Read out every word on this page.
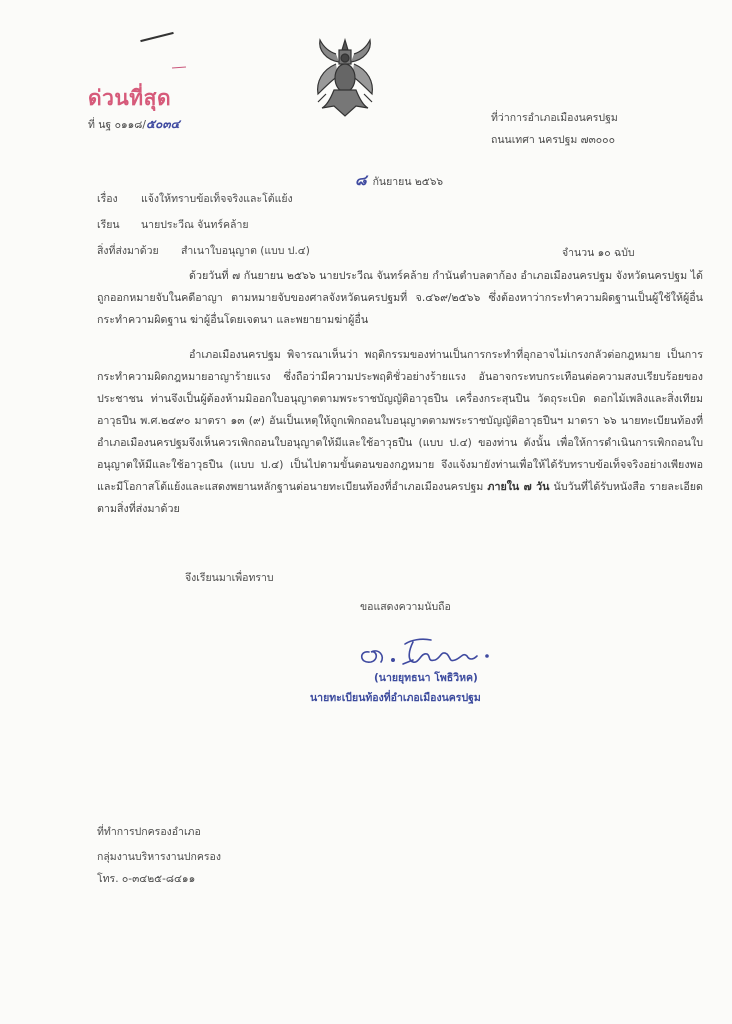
ด่วนที่สุด
ที่ นฐ ๐๑๑๘/๕๐๓๔	ที่ว่าการอำเภอเมืองนครปฐม
ถนนเทศา นครปฐม ๗๓๐๐๐
๘ กันยายน ๒๕๖๖
เรื่อง แจ้งให้ทราบข้อเท็จจริงและโต้แย้ง
เรียน นายประวีณ จันทร์คล้าย
สิ่งที่ส่งมาด้วย สำเนาใบอนุญาต (แบบ ป.๔)	จำนวน ๑๐ ฉบับ
ด้วยวันที่ ๗ กันยายน ๒๕๖๖ นายประวีณ จันทร์คล้าย กำนันตำบลตาก้อง อำเภอเมืองนครปฐม จังหวัดนครปฐม ได้ถูกออกหมายจับในคดีอาญา ตามหมายจับของศาลจังหวัดนครปฐมที่ จ.๔๖๙/๒๕๖๖ ซึ่งต้องหาว่ากระทำความผิดฐานเป็นผู้ใช้ให้ผู้อื่นกระทำความผิดฐาน ฆ่าผู้อื่นโดยเจตนา และพยายามฆ่าผู้อื่น
อำเภอเมืองนครปฐม พิจารณาเห็นว่า พฤติกรรมของท่านเป็นการกระทำที่อุกอาจไม่เกรงกลัวต่อกฎหมาย เป็นการกระทำความผิดกฎหมายอาญาร้ายแรง ซึ่งถือว่ามีความประพฤติชั่วอย่างร้ายแรง อันอาจกระทบกระเทือนต่อความสงบเรียบร้อยของประชาชน ท่านจึงเป็นผู้ต้องห้ามมิออกใบอนุญาตตามพระราชบัญญัติอาวุธปืน เครื่องกระสุนปืน วัตถุระเบิด ดอกไม้เพลิงและสิ่งเทียมอาวุธปืน พ.ศ.๒๔๙๐ มาตรา ๑๓ (๙) อันเป็นเหตุให้ถูกเพิกถอนใบอนุญาตตามพระราชบัญญัติอาวุธปืนฯ มาตรา ๖๖ นายทะเบียนท้องที่อำเภอเมืองนครปฐมจึงเห็นควรเพิกถอนใบอนุญาตให้มีและใช้อาวุธปืน (แบบ ป.๔) ของท่าน ดังนั้น เพื่อให้การดำเนินการเพิกถอนใบอนุญาตให้มีและใช้อาวุธปืน (แบบ ป.๔) เป็นไปตามขั้นตอนของกฎหมาย จึงแจ้งมายังท่านเพื่อให้ได้รับทราบข้อเท็จจริงอย่างเพียงพอ และมีโอกาสโต้แย้งและแสดงพยานหลักฐานต่อนายทะเบียนท้องที่อำเภอเมืองนครปฐม ภายใน ๗ วัน นับวันที่ได้รับหนังสือ รายละเอียดตามสิ่งที่ส่งมาด้วย
จึงเรียนมาเพื่อทราบ
ขอแสดงความนับถือ
(นายยุทธนา โพธิวิหค)
นายทะเบียนท้องที่อำเภอเมืองนครปฐม
ที่ทำการปกครองอำเภอ
กลุ่มงานบริหารงานปกครอง
โทร. ๐-๓๔๒๕-๘๔๑๑
